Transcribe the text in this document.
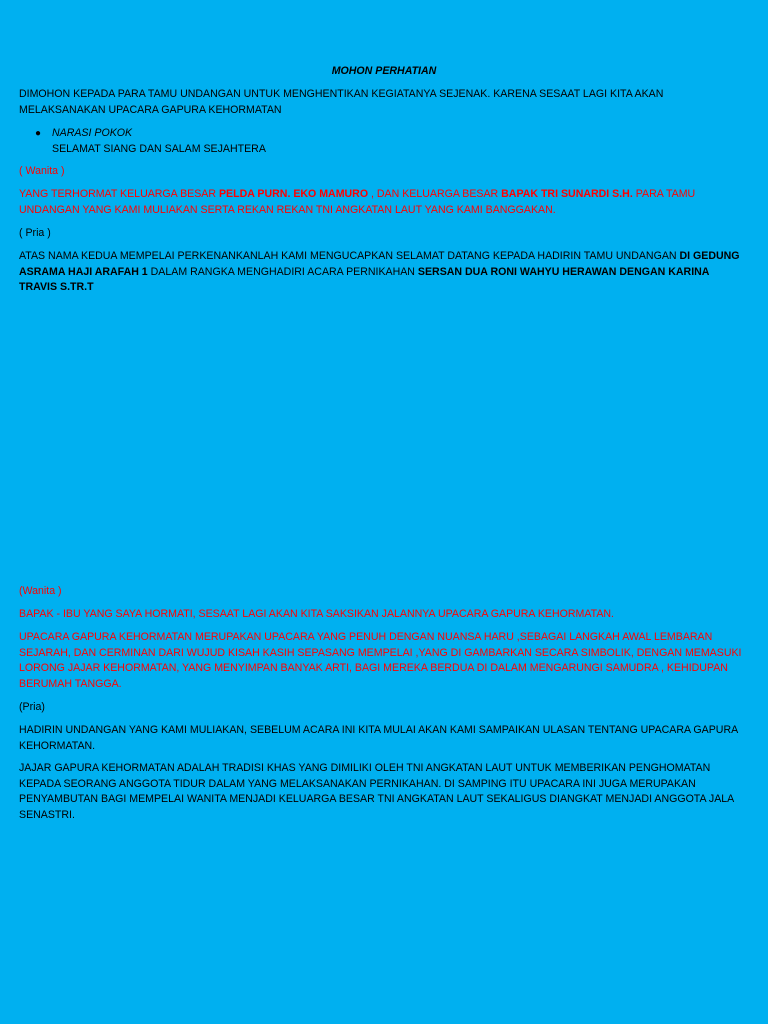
MOHON PERHATIAN

DIMOHON KEPADA PARA TAMU UNDANGAN UNTUK MENGHENTIKAN KEGIATANYA SEJENAK. KARENA SESAAT LAGI KITA AKAN MELAKSANAKAN UPACARA GAPURA KEHORMATAN

● NARASI POKOK
SELAMAT SIANG DAN SALAM SEJAHTERA

( Wanita )

YANG TERHORMAT KELUARGA BESAR PELDA PURN. EKO MAMURO , DAN KELUARGA BESAR BAPAK TRI SUNARDI S.H. PARA TAMU UNDANGAN YANG KAMI MULIAKAN SERTA REKAN REKAN TNI ANGKATAN LAUT YANG KAMI BANGGAKAN.

( Pria )

ATAS NAMA KEDUA MEMPELAI PERKENANKANLAH KAMI MENGUCAPKAN SELAMAT DATANG KEPADA HADIRIN TAMU UNDANGAN DI GEDUNG ASRAMA HAJI ARAFAH 1 DALAM RANGKA MENGHADIRI ACARA PERNIKAHAN SERSAN DUA RONI WAHYU HERAWAN DENGAN KARINA TRAVIS S.TR.T

(Wanita )

BAPAK - IBU YANG SAYA HORMATI, SESAAT LAGI AKAN KITA SAKSIKAN JALANNYA UPACARA GAPURA KEHORMATAN.

UPACARA GAPURA KEHORMATAN MERUPAKAN UPACARA YANG PENUH DENGAN NUANSA HARU ,SEBAGAI LANGKAH AWAL LEMBARAN SEJARAH, DAN CERMINAN DARI WUJUD KISAH KASIH SEPASANG MEMPELAI ,YANG DI GAMBARKAN SECARA SIMBOLIK, DENGAN MEMASUKI LORONG JAJAR KEHORMATAN, YANG MENYIMPAN BANYAK ARTI, BAGI MEREKA BERDUA DI DALAM MENGARUNGI SAMUDRA , KEHIDUPAN BERUMAH TANGGA.

(Pria)

HADIRIN UNDANGAN YANG KAMI MULIAKAN, SEBELUM ACARA INI KITA MULAI AKAN KAMI SAMPAIKAN ULASAN TENTANG UPACARA GAPURA KEHORMATAN.

JAJAR GAPURA KEHORMATAN ADALAH TRADISI KHAS YANG DIMILIKI OLEH TNI ANGKATAN LAUT UNTUK MEMBERIKAN PENGHOMATAN KEPADA SEORANG ANGGOTA TIDUR DALAM YANG MELAKSANAKAN PERNIKAHAN. DI SAMPING ITU UPACARA INI JUGA MERUPAKAN PENYAMBUTAN BAGI MEMPELAI WANITA MENJADI KELUARGA BESAR TNI ANGKATAN LAUT SEKALIGUS DIANGKAT MENJADI ANGGOTA JALA SENASTRI.
